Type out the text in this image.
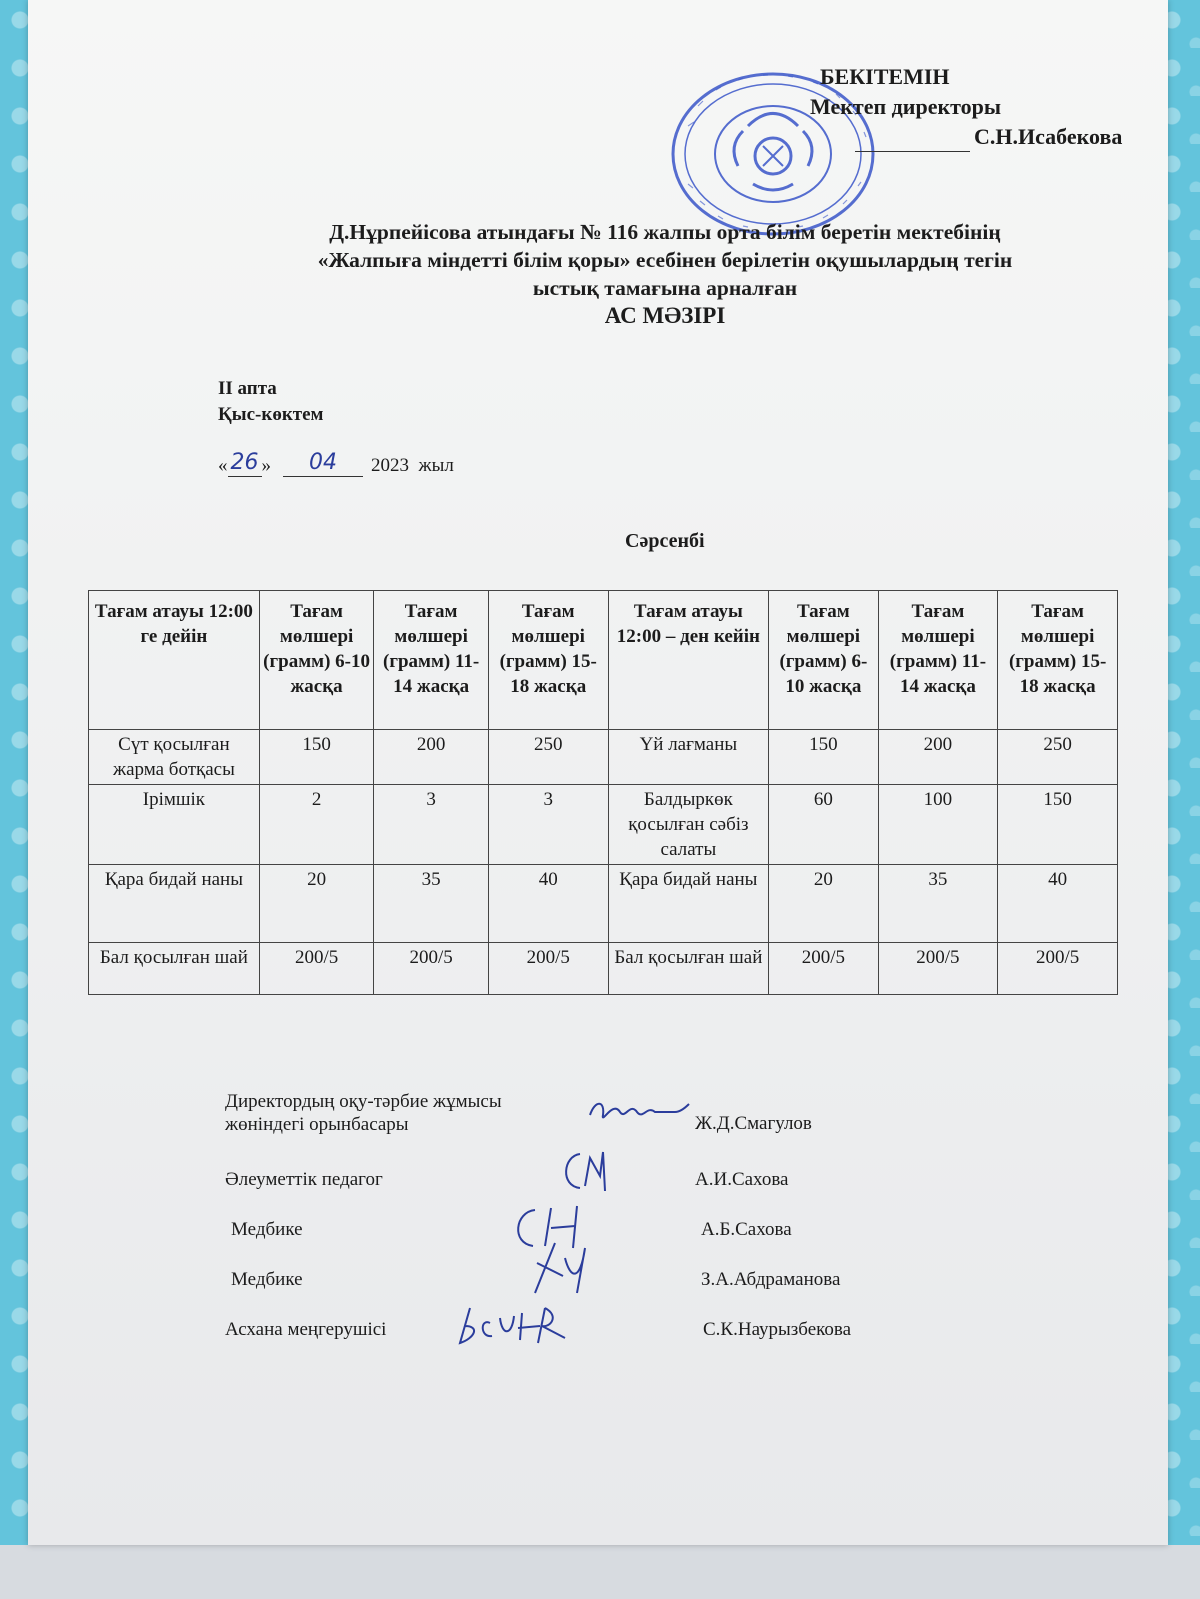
БЕКІТЕМІН
Мектеп директоры
С.Н.Исабекова
Д.Нұрпейісова атындағы № 116 жалпы орта білім беретін мектебінің
«Жалпыға міндетті білім қоры» есебінен берілетін оқушылардың тегін
ыстық тамағына арналған
АС МӘЗІРІ
II апта
Қыс-көктем
« 26 »	04	2023  жыл
Сәрсенбі
Тағам атауы 12:00 ге дейін	Тағам мөлшері (грамм) 6-10 жасқа	Тағам мөлшері (грамм) 11-14 жасқа	Тағам мөлшері (грамм) 15-18 жасқа	Тағам атауы 12:00 – ден кейін	Тағам мөлшері (грамм) 6-10 жасқа	Тағам мөлшері (грамм) 11-14 жасқа	Тағам мөлшері (грамм) 15-18 жасқа
Сүт қосылған жарма ботқасы	150	200	250	Үй лағманы	150	200	250
Ірімшік	2	3	3	Балдыркөк қосылған сәбіз салаты	60	100	150
Қара бидай наны	20	35	40	Қара бидай наны	20	35	40
Бал қосылған шай	200/5	200/5	200/5	Бал қосылған шай	200/5	200/5	200/5
Директордың оқу-тәрбие жұмысы
жөніндегі орынбасары	Ж.Д.Смагулов
Әлеуметтік педагог	А.И.Сахова
Медбике	А.Б.Сахова
Медбике	З.А.Абдраманова
Асхана меңгерушісі	С.К.Наурызбекова
